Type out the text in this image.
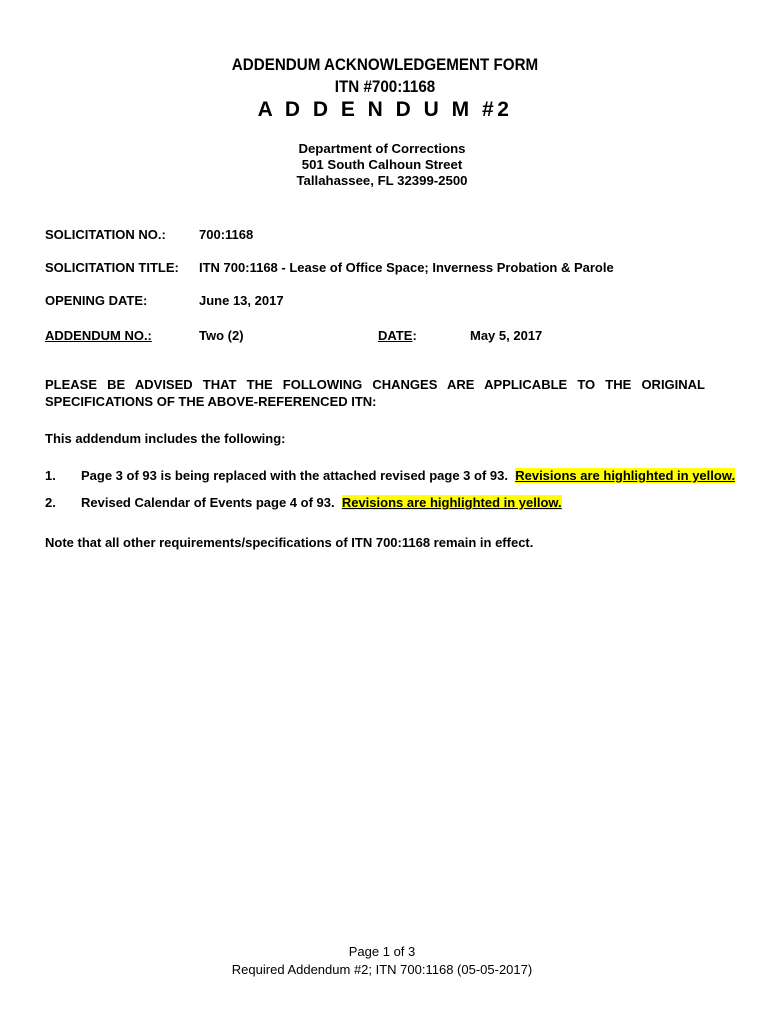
ADDENDUM ACKNOWLEDGEMENT FORM
ITN #700:1168
A D D E N D U M #2
Department of Corrections
501 South Calhoun Street
Tallahassee, FL 32399-2500
SOLICITATION NO.:	700:1168
SOLICITATION TITLE: ITN 700:1168 - Lease of Office Space; Inverness Probation & Parole
OPENING DATE:	June 13, 2017
ADDENDUM NO.:	Two (2)	DATE:	May 5, 2017
PLEASE BE ADVISED THAT THE FOLLOWING CHANGES ARE APPLICABLE TO THE ORIGINAL SPECIFICATIONS OF THE ABOVE-REFERENCED ITN:
This addendum includes the following:
1. Page 3 of 93 is being replaced with the attached revised page 3 of 93. Revisions are highlighted in yellow.
2. Revised Calendar of Events page 4 of 93. Revisions are highlighted in yellow.
Note that all other requirements/specifications of ITN 700:1168 remain in effect.
Page 1 of 3
Required Addendum #2; ITN 700:1168 (05-05-2017)
